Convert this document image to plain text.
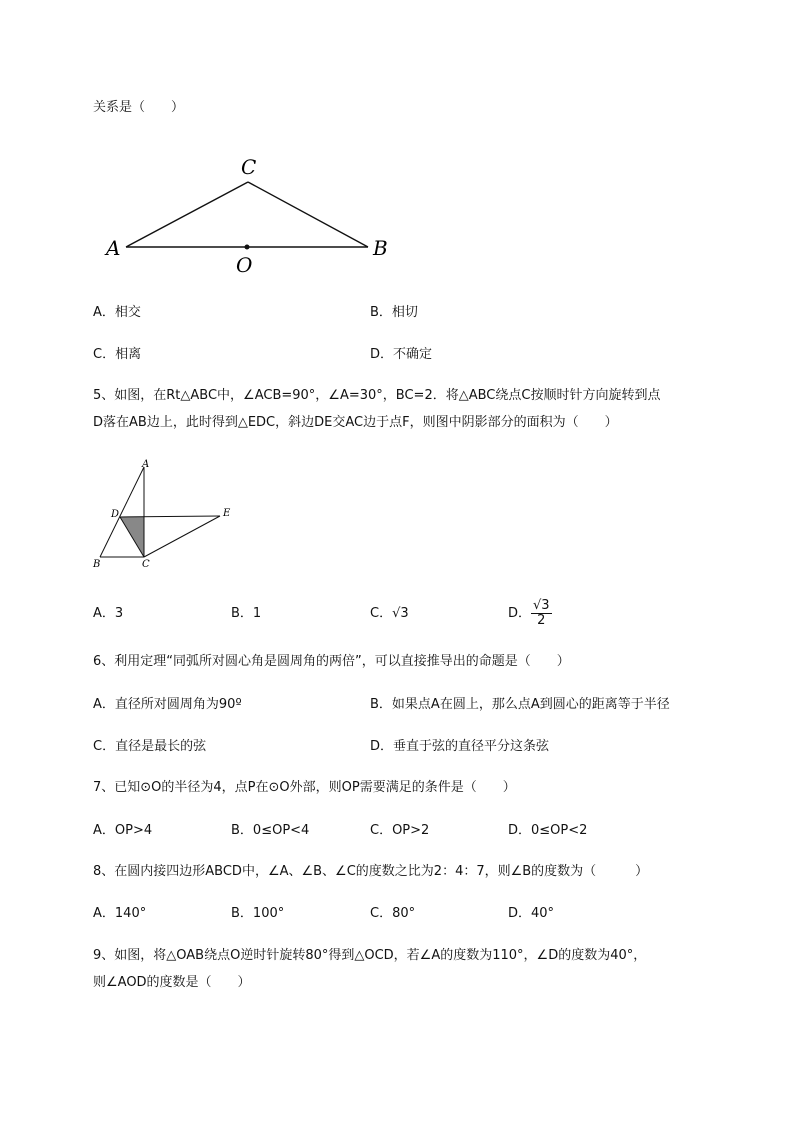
关系是（　　）
C
A	B
O
A．相交	B．相切
C．相离	D．不确定
5、如图，在Rt△ABC中，∠ACB=90°，∠A=30°，BC=2．将△ABC绕点C按顺时针方向旋转到点
D落在AB边上，此时得到△EDC，斜边DE交AC边于点F，则图中阴影部分的面积为（　　）
A
D	E
B	C
A．3	B．1	C．√3	D． $\frac{√3}{2}$
6、利用定理“同弧所对圆心角是圆周角的两倍”，可以直接推导出的命题是（　　）
A．直径所对圆周角为90º	B．如果点A在圆上，那么点A到圆心的距离等于半径
C．直径是最长的弦	D．垂直于弦的直径平分这条弦
7、已知⊙O的半径为4，点P在⊙O外部，则OP需要满足的条件是（　　）
A．OP>4	B．0≤OP<4	C．OP>2	D．0≤OP<2
8、在圆内接四边形ABCD中，∠A、∠B、∠C的度数之比为2：4：7，则∠B的度数为（　　　）
A．140°	B．100°	C．80°	D．40°
9、如图，将△OAB绕点O逆时针旋转80°得到△OCD，若∠A的度数为110°，∠D的度数为40°，
则∠AOD的度数是（　　）
